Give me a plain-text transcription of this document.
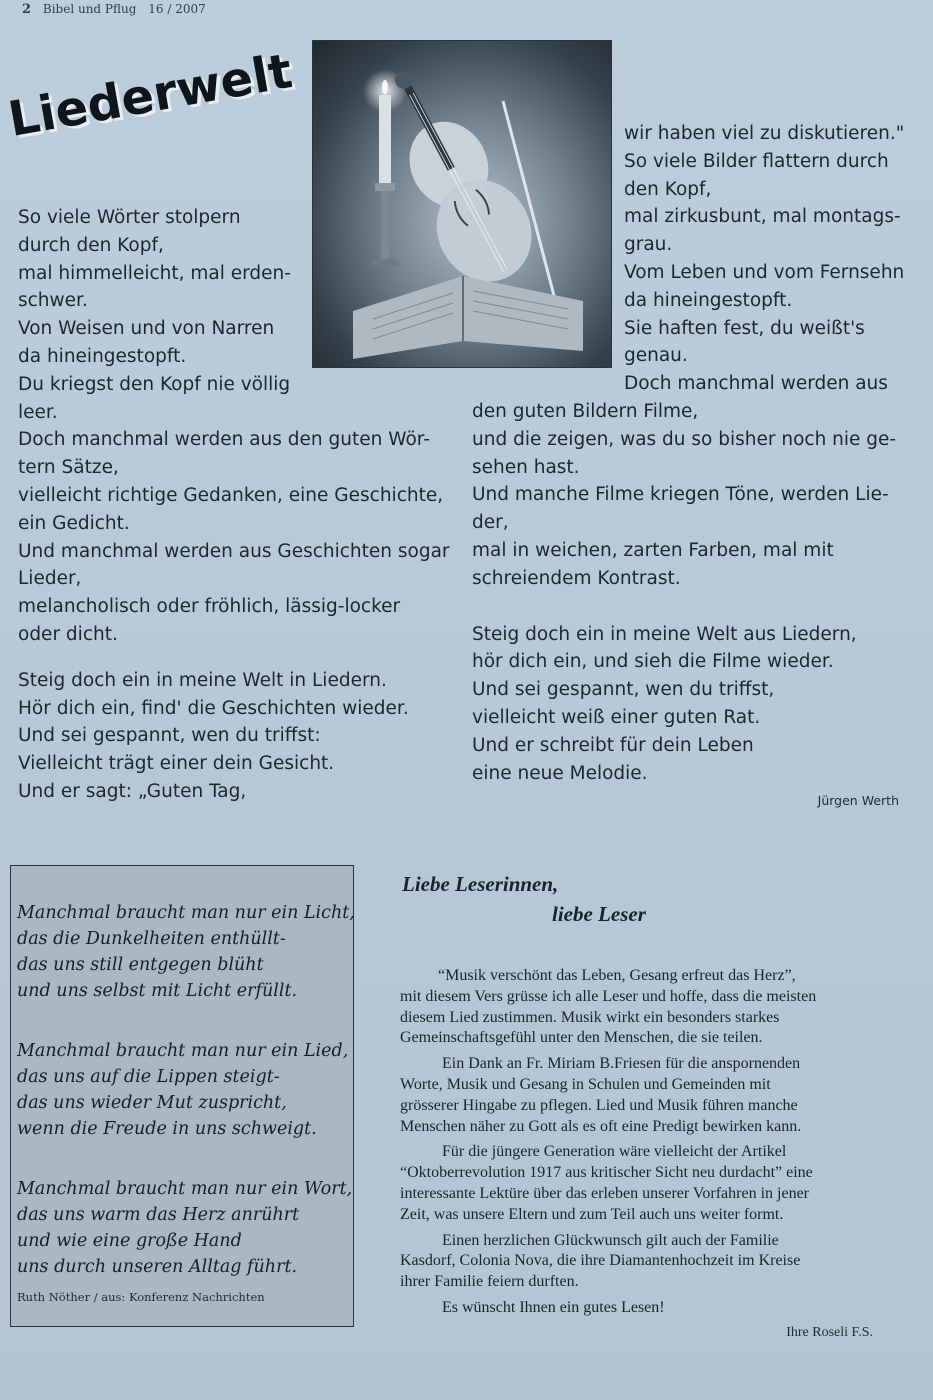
2 Bibel und Pflug 16 / 2007
Liederwelt
So viele Wörter stolpern
durch den Kopf,
mal himmelleicht, mal erden-
schwer.
Von Weisen und von Narren
da hineingestopft.
Du kriegst den Kopf nie völlig
leer.
Doch manchmal werden aus den guten Wör-
tern Sätze,
vielleicht richtige Gedanken, eine Geschichte,
ein Gedicht.
Und manchmal werden aus Geschichten sogar
Lieder,
melancholisch oder fröhlich, lässig-locker
oder dicht.
Steig doch ein in meine Welt in Liedern.
Hör dich ein, find' die Geschichten wieder.
Und sei gespannt, wen du triffst:
Vielleicht trägt einer dein Gesicht.
Und er sagt: „Guten Tag,
wir haben viel zu diskutieren."
So viele Bilder flattern durch
den Kopf,
mal zirkusbunt, mal montags-
grau.
Vom Leben und vom Fernsehn
da hineingestopft.
Sie haften fest, du weißt's
genau.
Doch manchmal werden aus
den guten Bildern Filme,
und die zeigen, was du so bisher noch nie ge-
sehen hast.
Und manche Filme kriegen Töne, werden Lie-
der,
mal in weichen, zarten Farben, mal mit
schreiendem Kontrast.
Steig doch ein in meine Welt aus Liedern,
hör dich ein, und sieh die Filme wieder.
Und sei gespannt, wen du triffst,
vielleicht weiß einer guten Rat.
Und er schreibt für dein Leben
eine neue Melodie.
Jürgen Werth
Manchmal braucht man nur ein Licht,
das die Dunkelheiten enthüllt-
das uns still entgegen blüht
und uns selbst mit Licht erfüllt.
Manchmal braucht man nur ein Lied,
das uns auf die Lippen steigt-
das uns wieder Mut zuspricht,
wenn die Freude in uns schweigt.
Manchmal braucht man nur ein Wort,
das uns warm das Herz anrührt
und wie eine große Hand
uns durch unseren Alltag führt.
Ruth Nöther / aus: Konferenz Nachrichten
Liebe Leserinnen,
liebe Leser
“Musik verschönt das Leben, Gesang erfreut das Herz”,
mit diesem Vers grüsse ich alle Leser und hoffe, dass die meisten
diesem Lied zustimmen. Musik wirkt ein besonders starkes
Gemeinschaftsgefühl unter den Menschen, die sie teilen.
Ein Dank an Fr. Miriam B.Friesen für die anspornenden
Worte, Musik und Gesang in Schulen und Gemeinden mit
grösserer Hingabe zu pflegen. Lied und Musik führen manche
Menschen näher zu Gott als es oft eine Predigt bewirken kann.
Für die jüngere Generation wäre vielleicht der Artikel
“Oktoberrevolution 1917 aus kritischer Sicht neu durdacht” eine
interessante Lektüre über das erleben unserer Vorfahren in jener
Zeit, was unsere Eltern und zum Teil auch uns weiter formt.
Einen herzlichen Glückwunsch gilt auch der Familie
Kasdorf, Colonia Nova, die ihre Diamantenhochzeit im Kreise
ihrer Familie feiern durften.
Es wünscht Ihnen ein gutes Lesen!
Ihre Roseli F.S.
